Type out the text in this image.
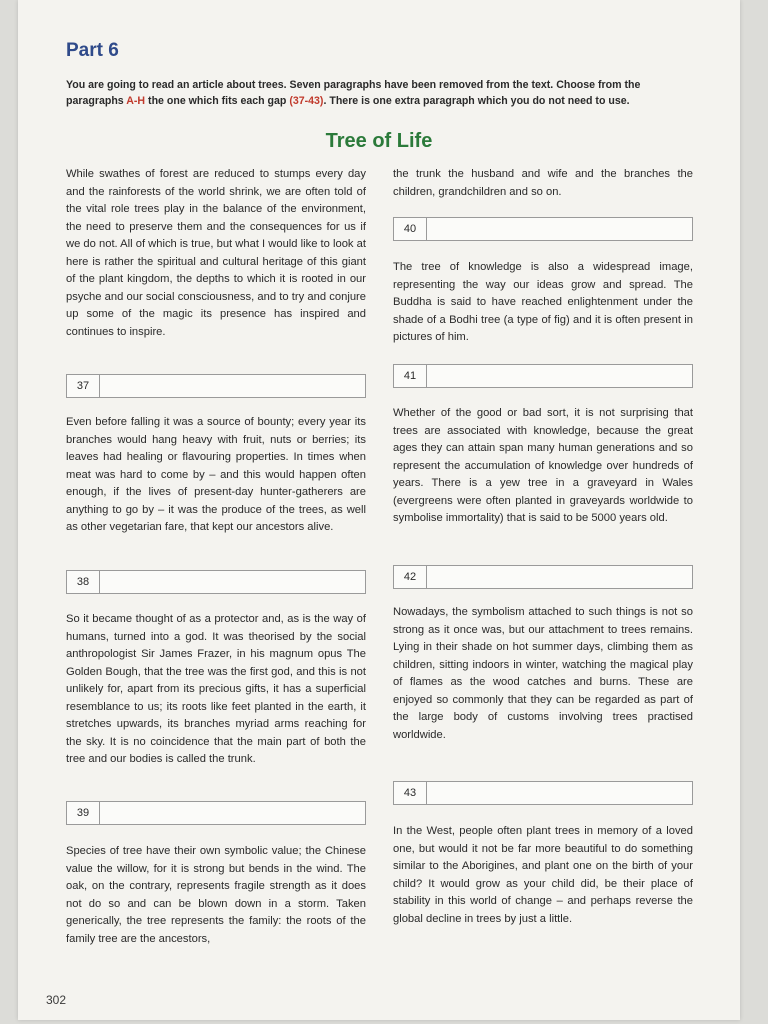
Part 6
You are going to read an article about trees. Seven paragraphs have been removed from the text. Choose from the paragraphs A-H the one which fits each gap (37-43). There is one extra paragraph which you do not need to use.
Tree of Life

While swathes of forest are reduced to stumps every day and the rainforests of the world shrink, we are often told of the vital role trees play in the balance of the environment, the need to preserve them and the consequences for us if we do not. All of which is true, but what I would like to look at here is rather the spiritual and cultural heritage of this giant of the plant kingdom, the depths to which it is rooted in our psyche and our social consciousness, and to try and conjure up some of the magic its presence has inspired and continues to inspire.

37

Even before falling it was a source of bounty; every year its branches would hang heavy with fruit, nuts or berries; its leaves had healing or flavouring properties. In times when meat was hard to come by – and this would happen often enough, if the lives of present-day hunter-gatherers are anything to go by – it was the produce of the trees, as well as other vegetarian fare, that kept our ancestors alive.

38

So it became thought of as a protector and, as is the way of humans, turned into a god. It was theorised by the social anthropologist Sir James Frazer, in his magnum opus The Golden Bough, that the tree was the first god, and this is not unlikely for, apart from its precious gifts, it has a superficial resemblance to us; its roots like feet planted in the earth, it stretches upwards, its branches myriad arms reaching for the sky. It is no coincidence that the main part of both the tree and our bodies is called the trunk.

39

Species of tree have their own symbolic value; the Chinese value the willow, for it is strong but bends in the wind. The oak, on the contrary, represents fragile strength as it does not do so and can be blown down in a storm. Taken generically, the tree represents the family: the roots of the family tree are the ancestors,

the trunk the husband and wife and the branches the children, grandchildren and so on.

40

The tree of knowledge is also a widespread image, representing the way our ideas grow and spread. The Buddha is said to have reached enlightenment under the shade of a Bodhi tree (a type of fig) and it is often present in pictures of him.

41

Whether of the good or bad sort, it is not surprising that trees are associated with knowledge, because the great ages they can attain span many human generations and so represent the accumulation of knowledge over hundreds of years. There is a yew tree in a graveyard in Wales (evergreens were often planted in graveyards worldwide to symbolise immortality) that is said to be 5000 years old.

42

Nowadays, the symbolism attached to such things is not so strong as it once was, but our attachment to trees remains. Lying in their shade on hot summer days, climbing them as children, sitting indoors in winter, watching the magical play of flames as the wood catches and burns. These are enjoyed so commonly that they can be regarded as part of the large body of customs involving trees practised worldwide.

43

In the West, people often plant trees in memory of a loved one, but would it not be far more beautiful to do something similar to the Aborigines, and plant one on the birth of your child? It would grow as your child did, be their place of stability in this world of change – and perhaps reverse the global decline in trees by just a little.

302
